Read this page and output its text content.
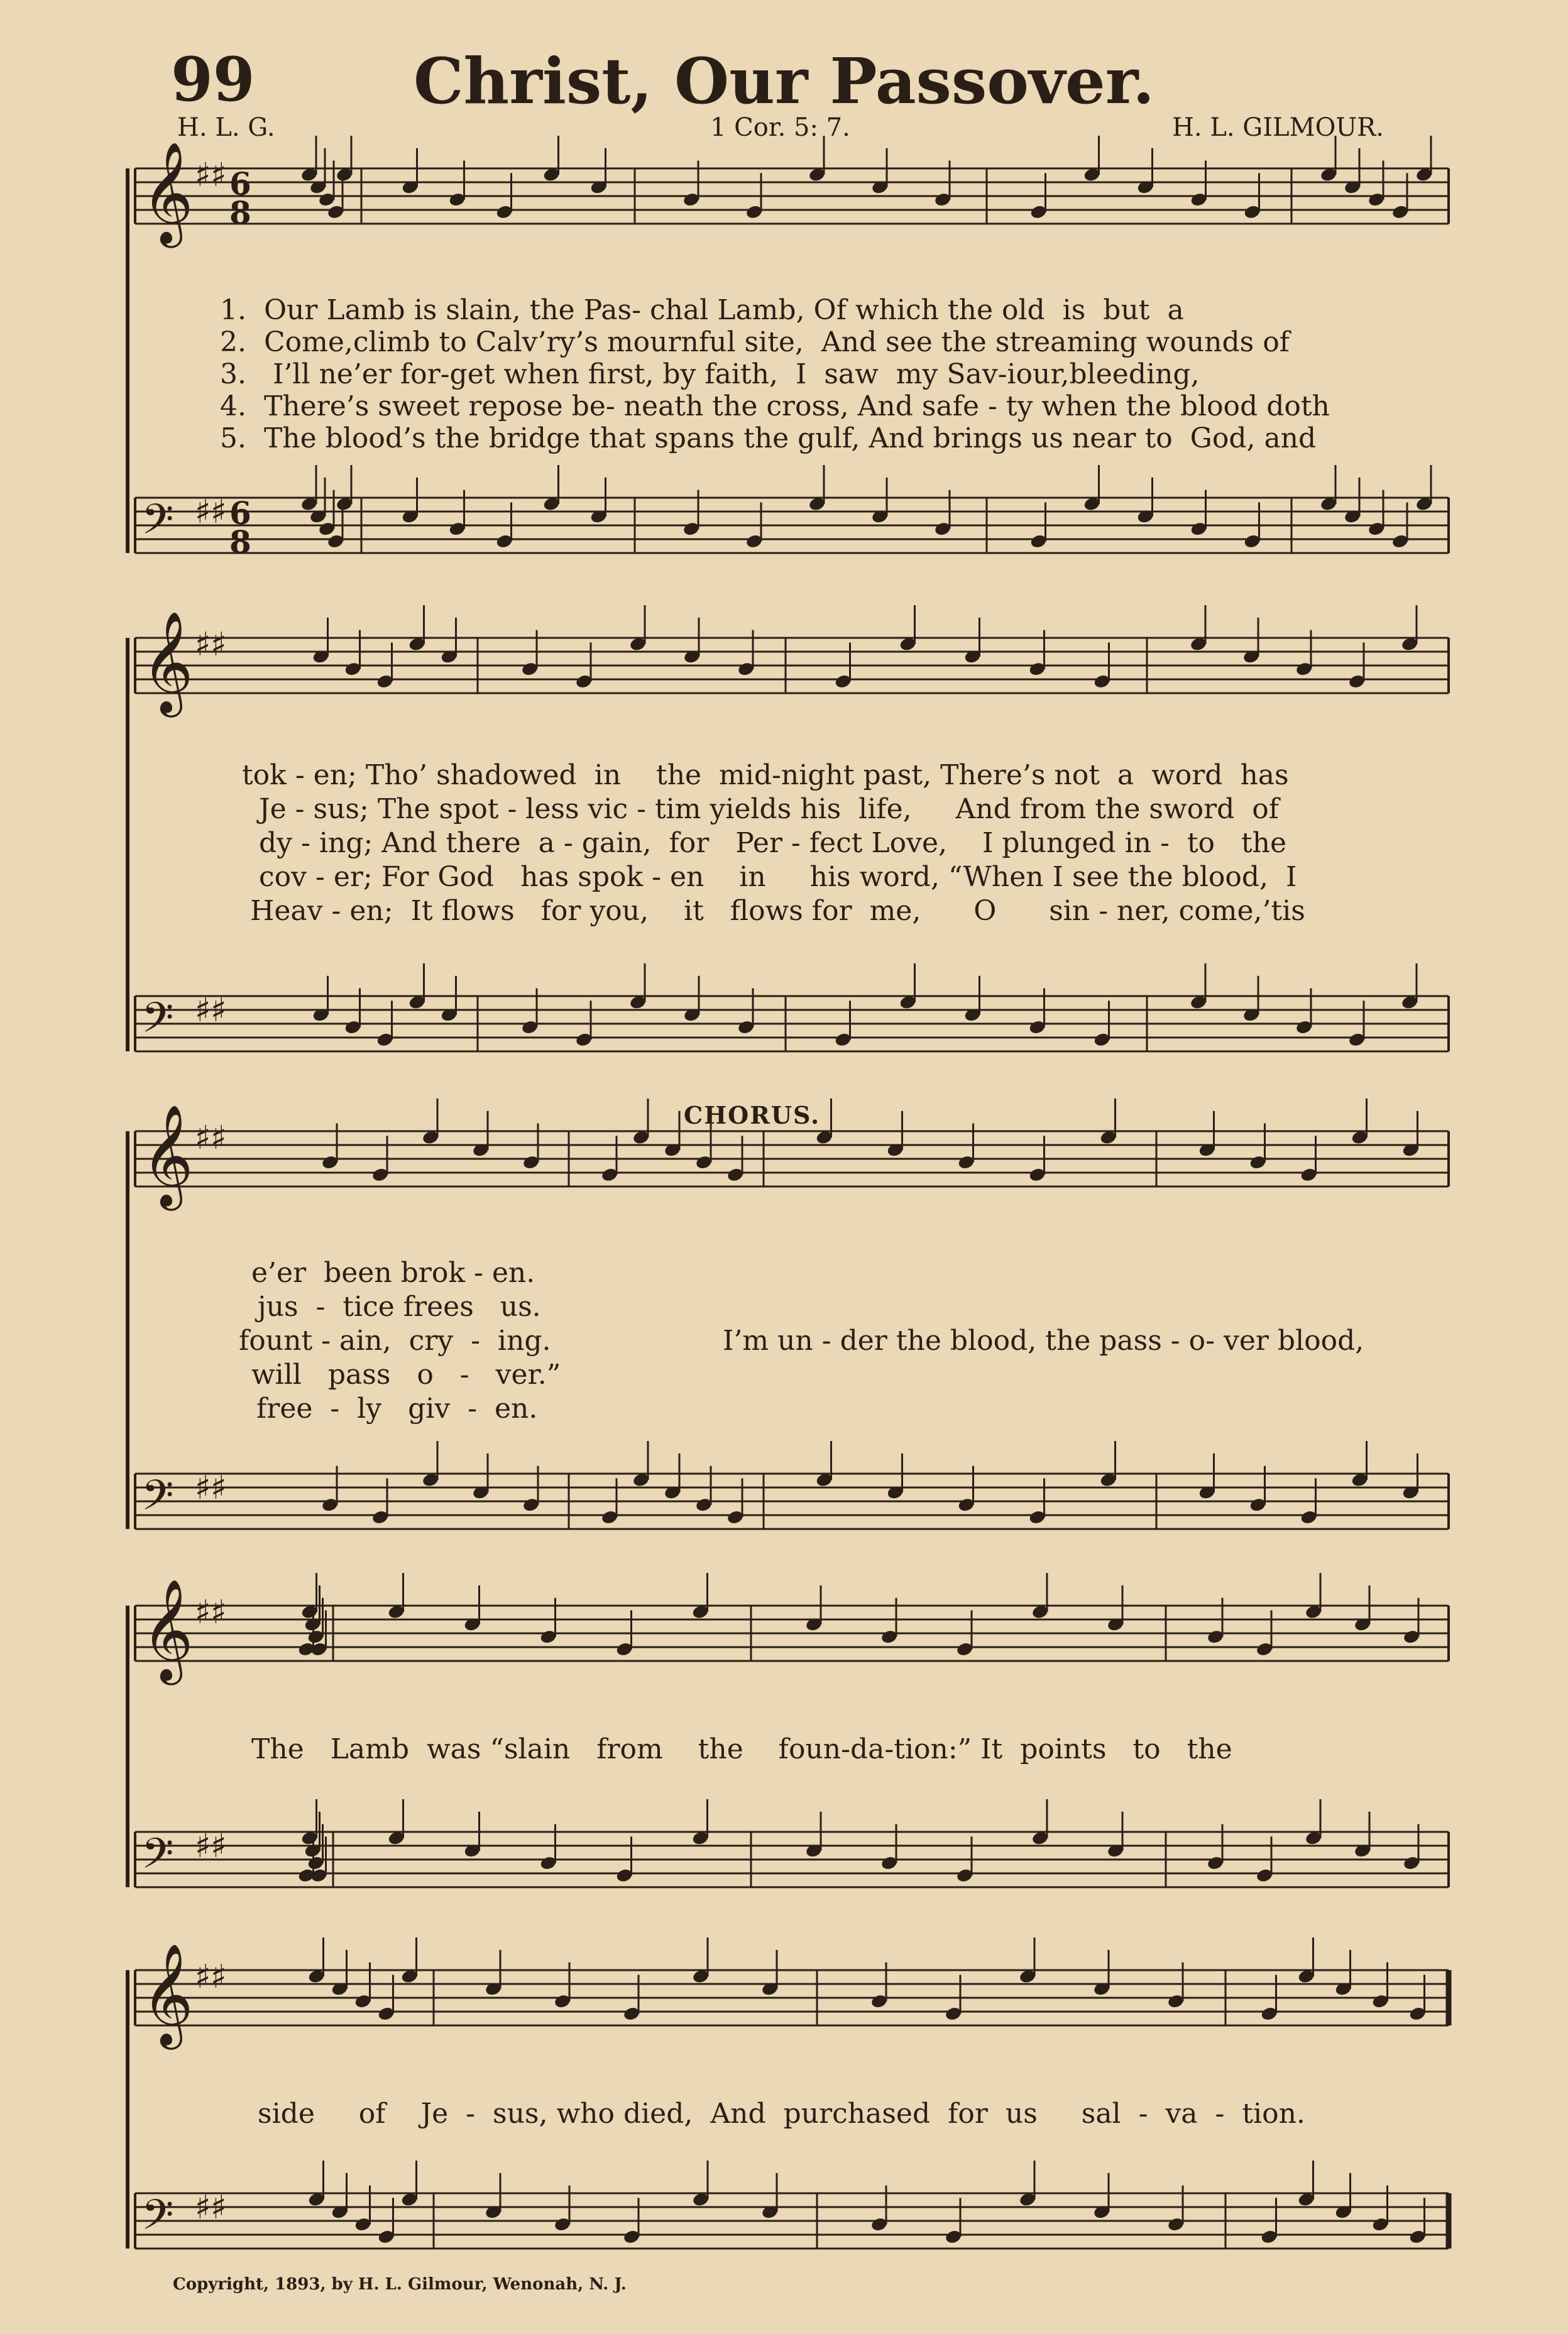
99	Christ, Our Passover.
H. L. G.	1 Cor. 5: 7.	H. L. GILMOUR.
𝄞 ♯♯ 6
8
𝄢 ♯♯ 6
8
𝄞 ♯♯
𝄢 ♯♯
𝄞 ♯♯
𝄢 ♯♯
𝄞 ♯♯
𝄢 ♯♯
𝄞 ♯♯
𝄢 ♯♯
1.  Our Lamb is slain, the Pas- chal Lamb, Of which the old  is  but  a
2.  Come,climb to Calv’ry’s mournful site,  And see the streaming wounds of
3.   I’ll ne’er for-get when first, by faith,  I  saw  my Sav-iour,bleeding,
4.  There’s sweet repose be- neath the cross, And safe - ty when the blood doth
5.  The blood’s the bridge that spans the gulf, And brings us near to  God, and
tok - en; Tho’ shadowed  in    the  mid-night past, There’s not  a  word  has
Je - sus; The spot - less vic - tim yields his  life,     And from the sword  of
dy - ing; And there  a - gain,  for   Per - fect Love,    I plunged in -  to   the
cov - er; For God   has spok - en    in     his word, “When I see the blood,  I
Heav - en;  It flows   for you,    it   flows for  me,      O      sin - ner, come,’tis
e’er  been brok - en.
jus  -  tice frees   us.
fount - ain,  cry  -  ing.
will   pass   o   -   ver.”
free  -  ly   giv  -  en.
CHORUS.
I’m un - der the blood, the pass - o- ver blood,
The   Lamb  was “slain   from    the    foun-da-tion:” It  points   to   the
side     of    Je  -  sus, who died,  And  purchased  for  us     sal  -  va  -  tion.
Copyright, 1893, by H. L. Gilmour, Wenonah, N. J.
